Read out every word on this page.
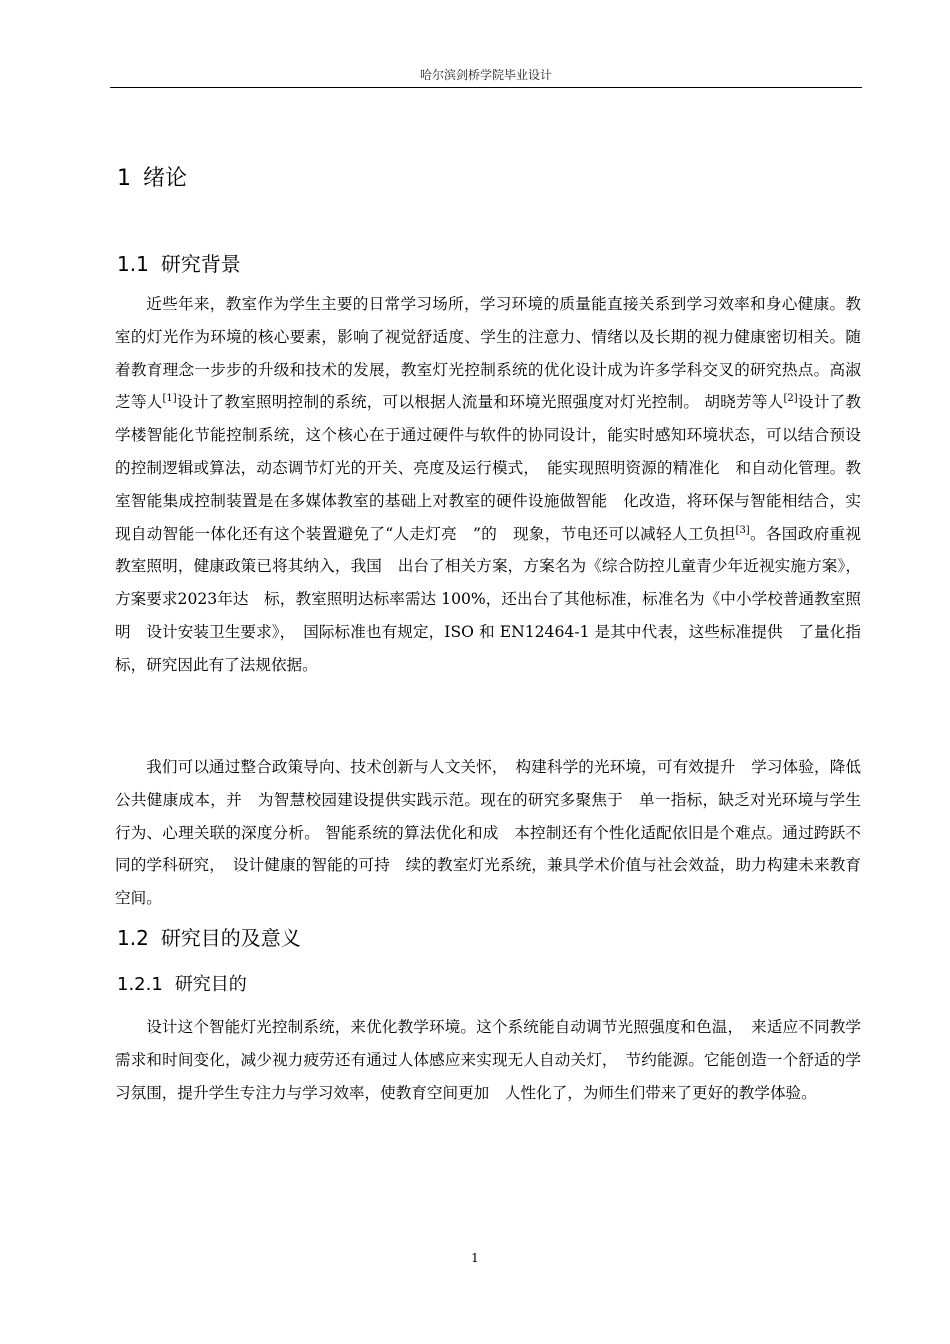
哈尔滨剑桥学院毕业设计
1 绪论
1.1 研究背景

近些年来，教室作为学生主要的日常学习场所，学习环境的质量能直接关系到学习效率和身心健康。教室的灯光作为环境的核心要素，影响了视觉舒适度、学生的注意力、情绪以及长期的视力健康密切相关。随着教育理念一步步的升级和技术的发展，教室灯光控制系统的优化设计成为许多学科交叉的研究热点。高淑芝等人[1]设计了教室照明控制的系统，可以根据人流量和环境光照强度对灯光控制。 胡晓芳等人[2]设计了教学楼智能化节能控制系统，这个核心在于通过硬件与软件的协同设计，能实时感知环境状态，可以结合预设的控制逻辑或算法，动态调节灯光的开关、亮度及运行模式，　能实现照明资源的精准化　和自动化管理。教室智能集成控制装置是在多媒体教室的基础上对教室的硬件设施做智能　化改造，将环保与智能相结合，实现自动智能一体化还有这个装置避免了“人走灯亮　”的　现象，节电还可以减轻人工负担[3]。各国政府重视教室照明，健康政策已将其纳入，我国　出台了相关方案，方案名为《综合防控儿童青少年近视实施方案》，方案要求2023年达　标，教室照明达标率需达 100%，还出台了其他标准，标准名为《中小学校普通教室照明　设计安装卫生要求》，　国际标准也有规定，ISO 和 EN12464-1 是其中代表，这些标准提供　了量化指标，研究因此有了法规依据。

我们可以通过整合政策导向、技术创新与人文关怀，　构建科学的光环境，可有效提升　学习体验，降低公共健康成本，并　为智慧校园建设提供实践示范。现在的研究多聚焦于　单一指标，缺乏对光环境与学生行为、心理关联的深度分析。 智能系统的算法优化和成　本控制还有个性化适配依旧是个难点。通过跨跃不同的学科研究，　设计健康的智能的可持　续的教室灯光系统，兼具学术价值与社会效益，助力构建未来教育空间。

1.2 研究目的及意义
1.2.1 研究目的

设计这个智能灯光控制系统，来优化教学环境。这个系统能自动调节光照强度和色温，　来适应不同教学需求和时间变化，减少视力疲劳还有通过人体感应来实现无人自动关灯，　节约能源。它能创造一个舒适的学习氛围，提升学生专注力与学习效率，使教育空间更加　人性化了，为师生们带来了更好的教学体验。

1
